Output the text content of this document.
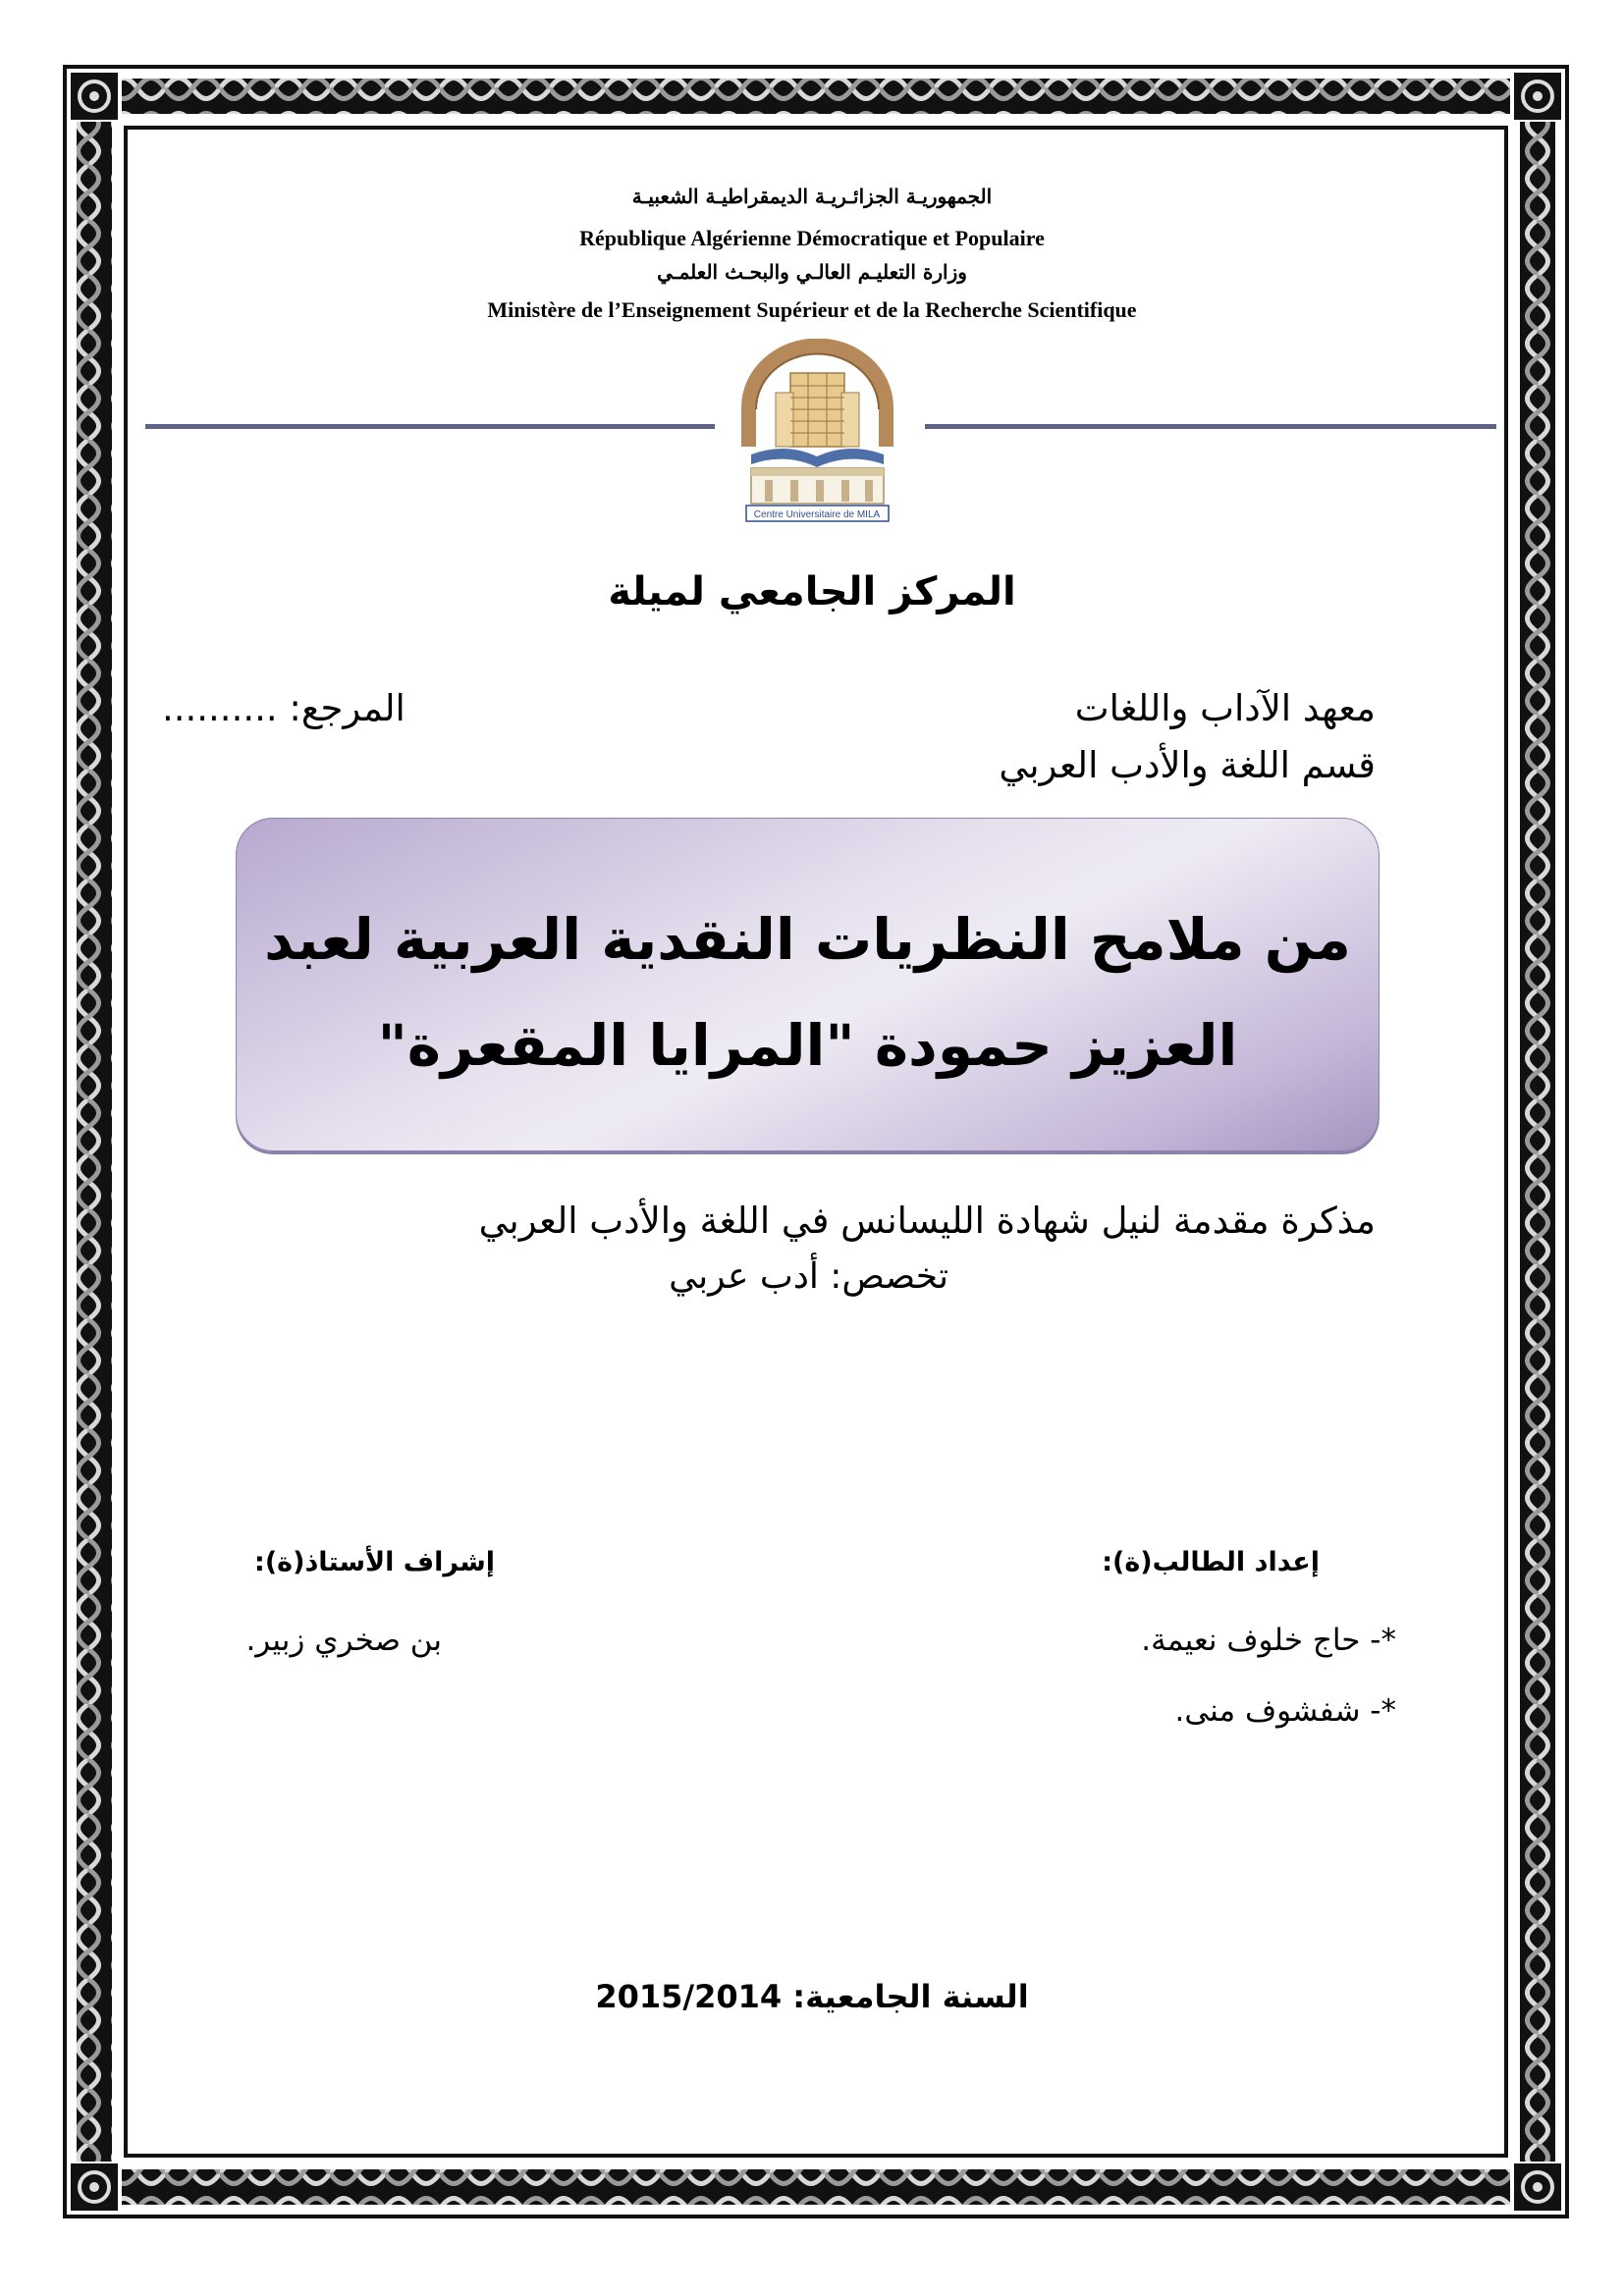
الجمهوريـة الجزائـريـة الديمقراطيـة الشعبيـة
République Algérienne Démocratique et Populaire
وزارة التعليـم العالـي والبحـث العلمـي
Ministère de l’Enseignement Supérieur et de la Recherche Scientifique
Centre Universitaire de MILA
المركز الجامعي لميلة
معهد الآداب واللغات
المرجع: ..........
قسم اللغة والأدب العربي
من ملامح النظريات النقدية العربية لعبد
العزيز حمودة "المرايا المقعرة"
مذكرة مقدمة لنيل شهادة الليسانس في اللغة والأدب العربي
تخصص: أدب عربي
إعداد الطالب(ة):
*- حاج خلوف نعيمة.
*- شفشوف منى.
إشراف الأستاذ(ة):
بن صخري زبير.
السنة الجامعية: 2015/2014
